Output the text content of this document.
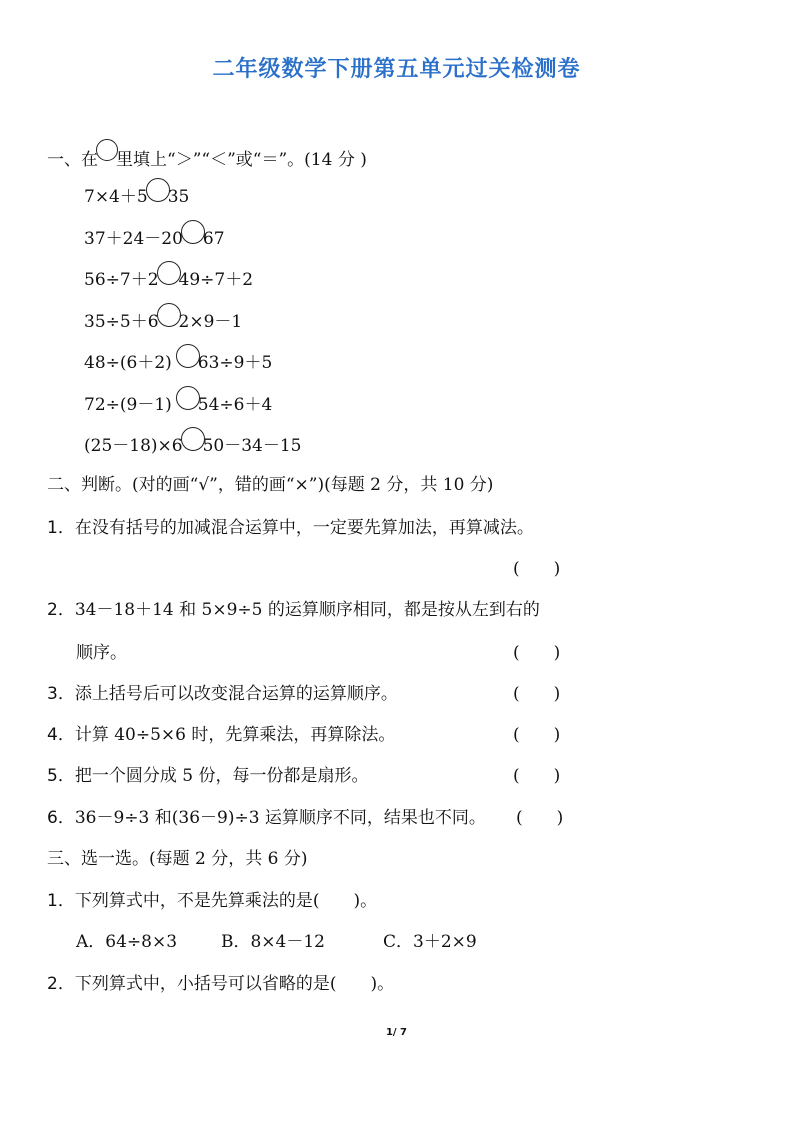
二年级数学下册第五单元过关检测卷
一、在 里填上“＞”“＜”或“＝”。(14 分 )
7×4＋5 35
37＋24－20 67
56÷7＋2 49÷7＋2
35÷5＋6 2×9－1
48÷(6＋2) 63÷9＋5
72÷(9－1) 54÷6＋4
(25－18)×6 50－34－15
二、判断。(对的画“√”，错的画“×”)(每题 2 分，共 10 分)
1．在没有括号的加减混合运算中，一定要先算加法，再算减法。
(　　)
2．34－18＋14 和 5×9÷5 的运算顺序相同，都是按从左到右的
顺序。	(　　)
3．添上括号后可以改变混合运算的运算顺序。	(　　)
4．计算 40÷5×6 时，先算乘法，再算除法。	(　　)
5．把一个圆分成 5 份，每一份都是扇形。	(　　)
6．36－9÷3 和(36－9)÷3 运算顺序不同，结果也不同。 (　　)
三、选一选。(每题 2 分，共 6 分)
1．下列算式中，不是先算乘法的是(　　)。
A．64÷8×3	B．8×4－12	C．3＋2×9
2．下列算式中，小括号可以省略的是(　　)。
1/ 7
